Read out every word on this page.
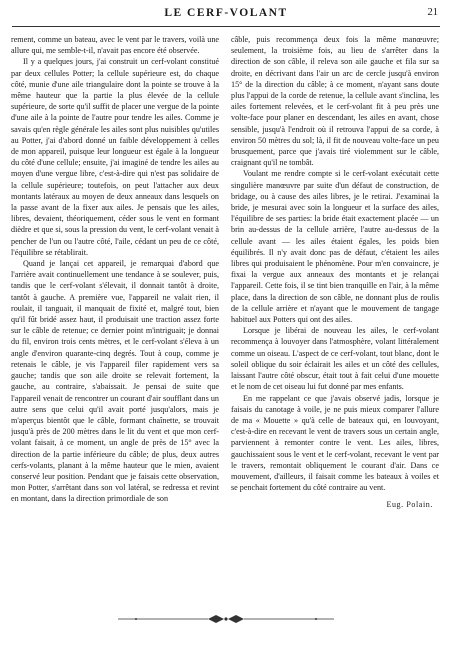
LE CERF-VOLANT	21

rement, comme un bateau, avec le vent par le travers, voilà une allure qui, me semble-t-il, n'avait pas encore été observée.

Il y a quelques jours, j'ai construit un cerf-volant constitué par deux cellules Potter; la cellule supérieure est, do chaque côté, munie d'une aile triangulaire dont la pointe se trouve à la même hauteur que la partie la plus élevée de la cellule supérieure, de sorte qu'il suffit de placer une vergue de la pointe d'une aile à la pointe de l'autre pour tendre les ailes. Comme je savais qu'en règle générale les ailes sont plus nuisibles qu'utiles au Potter, j'ai d'abord donné un faible développement à celles de mon appareil, puisque leur longueur est égale à la longueur du côté d'une cellule; ensuite, j'ai imaginé de tendre les ailes au moyen d'une vergue libre, c'est-à-dire qui n'est pas solidaire de la cellule supérieure; toutefois, on peut l'attacher aux deux montants latéraux au moyen de deux anneaux dans lesquels on la passe avant de la fixer aux ailes. Je pensais que les ailes, libres, devaient, théoriquement, céder sous le vent en formant dièdre et que si, sous la pression du vent, le cerf-volant venait à pencher de l'un ou l'autre côté, l'aile, cédant un peu de ce côté, l'équilibre se rétablirait.

Quand je lançai cet appareil, je remarquai d'abord que l'arrière avait continuellement une tendance à se soulever, puis, tandis que le cerf-volant s'élevait, il donnait tantôt à droite, tantôt à gauche. A première vue, l'appareil ne valait rien, il roulait, il tanguait, il manquait de fixité et, malgré tout, bien qu'il fût bridé assez haut, il produisait une traction assez forte sur le câble de retenue; ce dernier point m'intriguait; je donnai du fil, environ trois cents mètres, et le cerf-volant s'éleva à un angle d'environ quarante-cinq degrés. Tout à coup, comme je retenais le câble, je vis l'appareil filer rapidement vers sa gauche; tandis que son aile droite se relevait fortement, la gauche, au contraire, s'abaissait. Je pensai de suite que l'appareil venait de rencontrer un courant d'air soufflant dans un autre sens que celui qu'il avait porté jusqu'alors, mais je m'aperçus bientôt que le câble, formant chaînette, se trouvait jusqu'à près de 200 mètres dans le lit du vent et que mon cerf-volant faisait, à ce moment, un angle de près de 15° avec la direction de la partie inférieure du câble; de plus, deux autres cerfs-volants, planant à la même hauteur que le mien, avaient conservé leur position. Pendant que je faisais cette observation, mon Potter, s'arrêtant dans son vol latéral, se redressa et revint en montant, dans la direction primordiale de son

câble, puis recommença deux fois la même manœuvre; seulement, la troisième fois, au lieu de s'arrêter dans la direction de son câble, il releva son aile gauche et fila sur sa droite, en décrivant dans l'air un arc de cercle jusqu'à environ 15° de la direction du câble; à ce moment, n'ayant sans doute plus l'appui de la corde de retenue, la cellule avant s'inclina, les ailes fortement relevées, et le cerf-volant fit à peu près une volte-face pour planer en descendant, les ailes en avant, chose sensible, jusqu'à l'endroit où il retrouva l'appui de sa corde, à environ 50 mètres du sol; là, il fit de nouveau volte-face un peu brusquement, parce que j'avais tiré violemment sur le câble, craignant qu'il ne tombât.

Voulant me rendre compte si le cerf-volant exécutait cette singulière manœuvre par suite d'un défaut de construction, de bridage, ou à cause des ailes libres, je le retirai. J'examinai la bride, je mesurai avec soin la longueur et la surface des ailes, l'équilibre de ses parties: la bride était exactement placée — un brin au-dessus de la cellule arrière, l'autre au-dessus de la cellule avant — les ailes étaient égales, les poids bien équilibrés. Il n'y avait donc pas de défaut, c'étaient les ailes libres qui produisaient le phénomène. Pour m'en convaincre, je fixai la vergue aux anneaux des montants et je relançai l'appareil. Cette fois, il se tint bien tranquille en l'air, à la même place, dans la direction de son câble, ne donnant plus de roulis de la cellule arrière et n'ayant que le mouvement de tangage habituel aux Potters qui ont des ailes.

Lorsque je libérai de nouveau les ailes, le cerf-volant recommença à louvoyer dans l'atmosphère, volant littéralement comme un oiseau. L'aspect de ce cerf-volant, tout blanc, dont le soleil oblique du soir éclairait les ailes et un côté des cellules, laissant l'autre côté obscur, était tout à fait celui d'une mouette et le nom de cet oiseau lui fut donné par mes enfants.

En me rappelant ce que j'avais observé jadis, lorsque je faisais du canotage à voile, je ne puis mieux comparer l'allure de ma « Mouette » qu'à celle de bateaux qui, en louvoyant, c'est-à-dire en recevant le vent de travers sous un certain angle, parviennent à remonter contre le vent. Les ailes, libres, gauchissaient sous le vent et le cerf-volant, recevant le vent par le travers, remontait obliquement le courant d'air. Dans ce mouvement, d'ailleurs, il faisait comme les bateaux à voiles et se penchait fortement du côté contraire au vent.

Eug. Polain.
